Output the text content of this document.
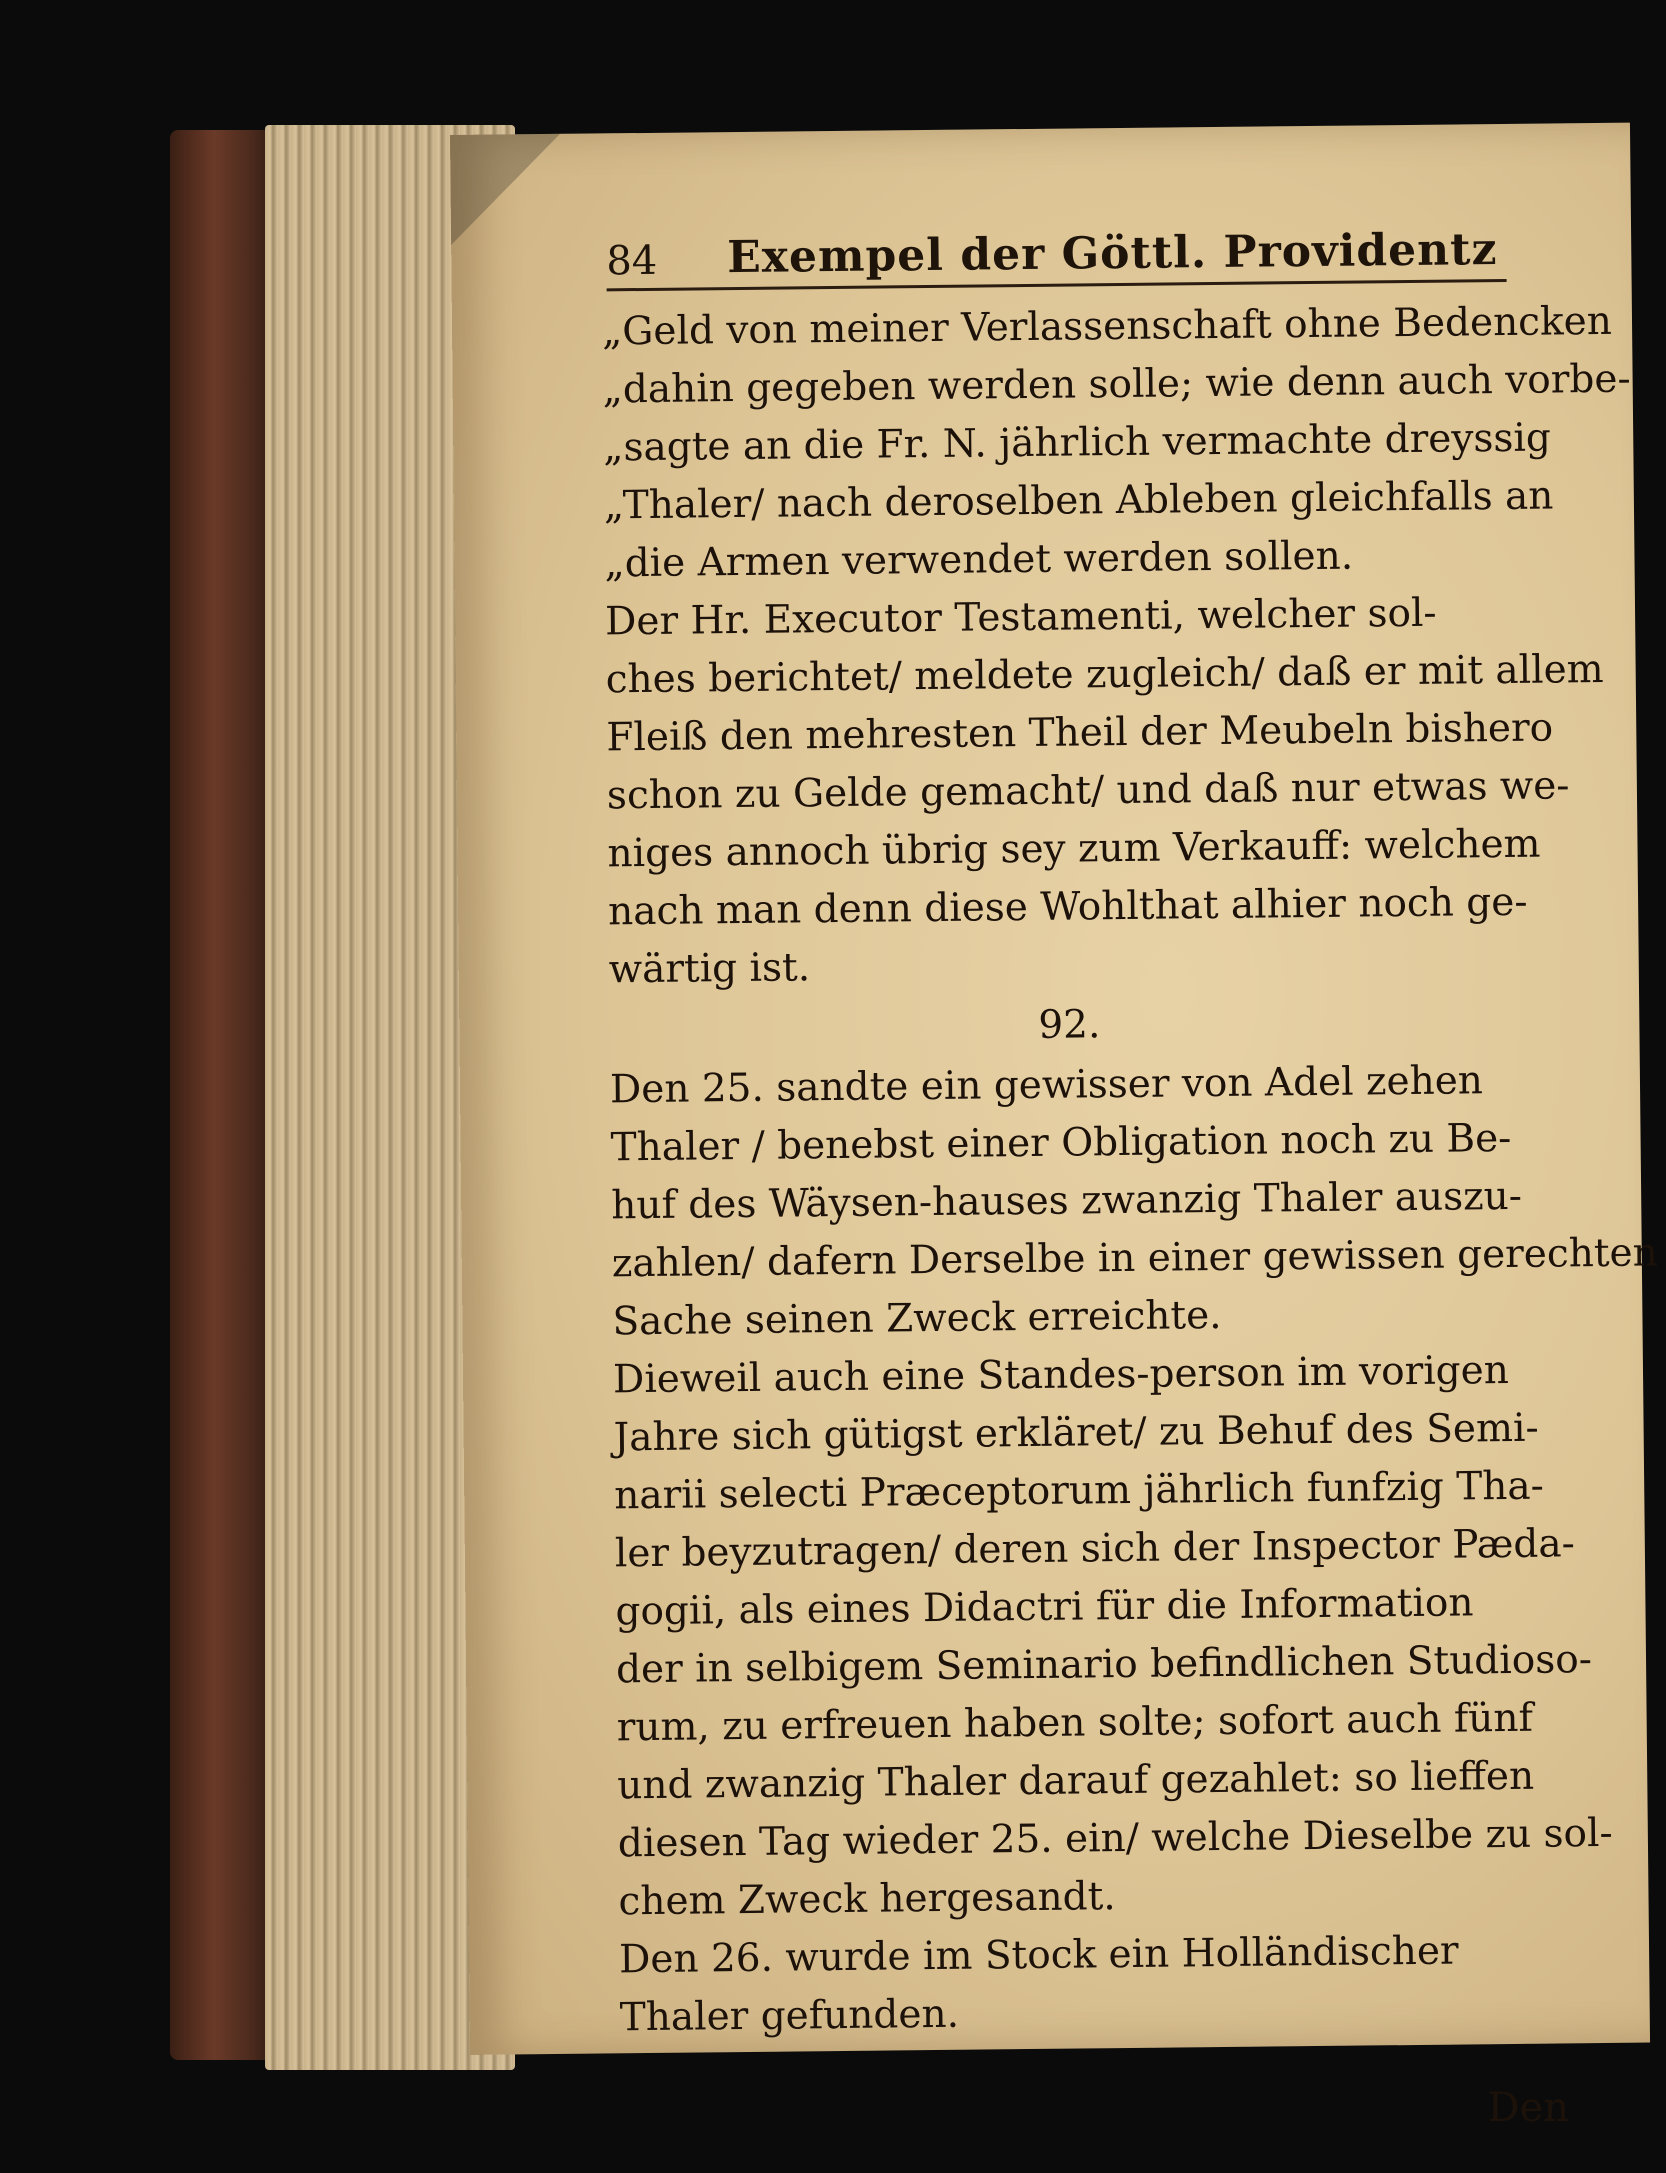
84 Exempel der Göttl. Providentz
„Geld von meiner Verlassenschaft ohne Bedencken
„dahin gegeben werden solle; wie denn auch vorbe-
„sagte an die Fr. N. jährlich vermachte dreyssig
„Thaler/ nach deroselben Ableben gleichfalls an
„die Armen verwendet werden sollen.
Der Hr. Executor Testamenti, welcher sol-
ches berichtet/ meldete zugleich/ daß er mit allem
Fleiß den mehresten Theil der Meubeln bishero
schon zu Gelde gemacht/ und daß nur etwas we-
niges annoch übrig sey zum Verkauff: welchem
nach man denn diese Wohlthat alhier noch ge-
wärtig ist.
92.
Den 25. sandte ein gewisser von Adel zehen
Thaler / benebst einer Obligation noch zu Be-
huf des Wäysen-hauses zwanzig Thaler auszu-
zahlen/ dafern Derselbe in einer gewissen gerechten
Sache seinen Zweck erreichte.
Dieweil auch eine Standes-person im vorigen
Jahre sich gütigst erkläret/ zu Behuf des Semi-
narii selecti Præceptorum jährlich funfzig Tha-
ler beyzutragen/ deren sich der Inspector Pæda-
gogii, als eines Didactri für die Information
der in selbigem Seminario befindlichen Studioso-
rum, zu erfreuen haben solte; sofort auch fünf
und zwanzig Thaler darauf gezahlet: so lieffen
diesen Tag wieder 25. ein/ welche Dieselbe zu sol-
chem Zweck hergesandt.
Den 26. wurde im Stock ein Holländischer
Thaler gefunden.
Den
